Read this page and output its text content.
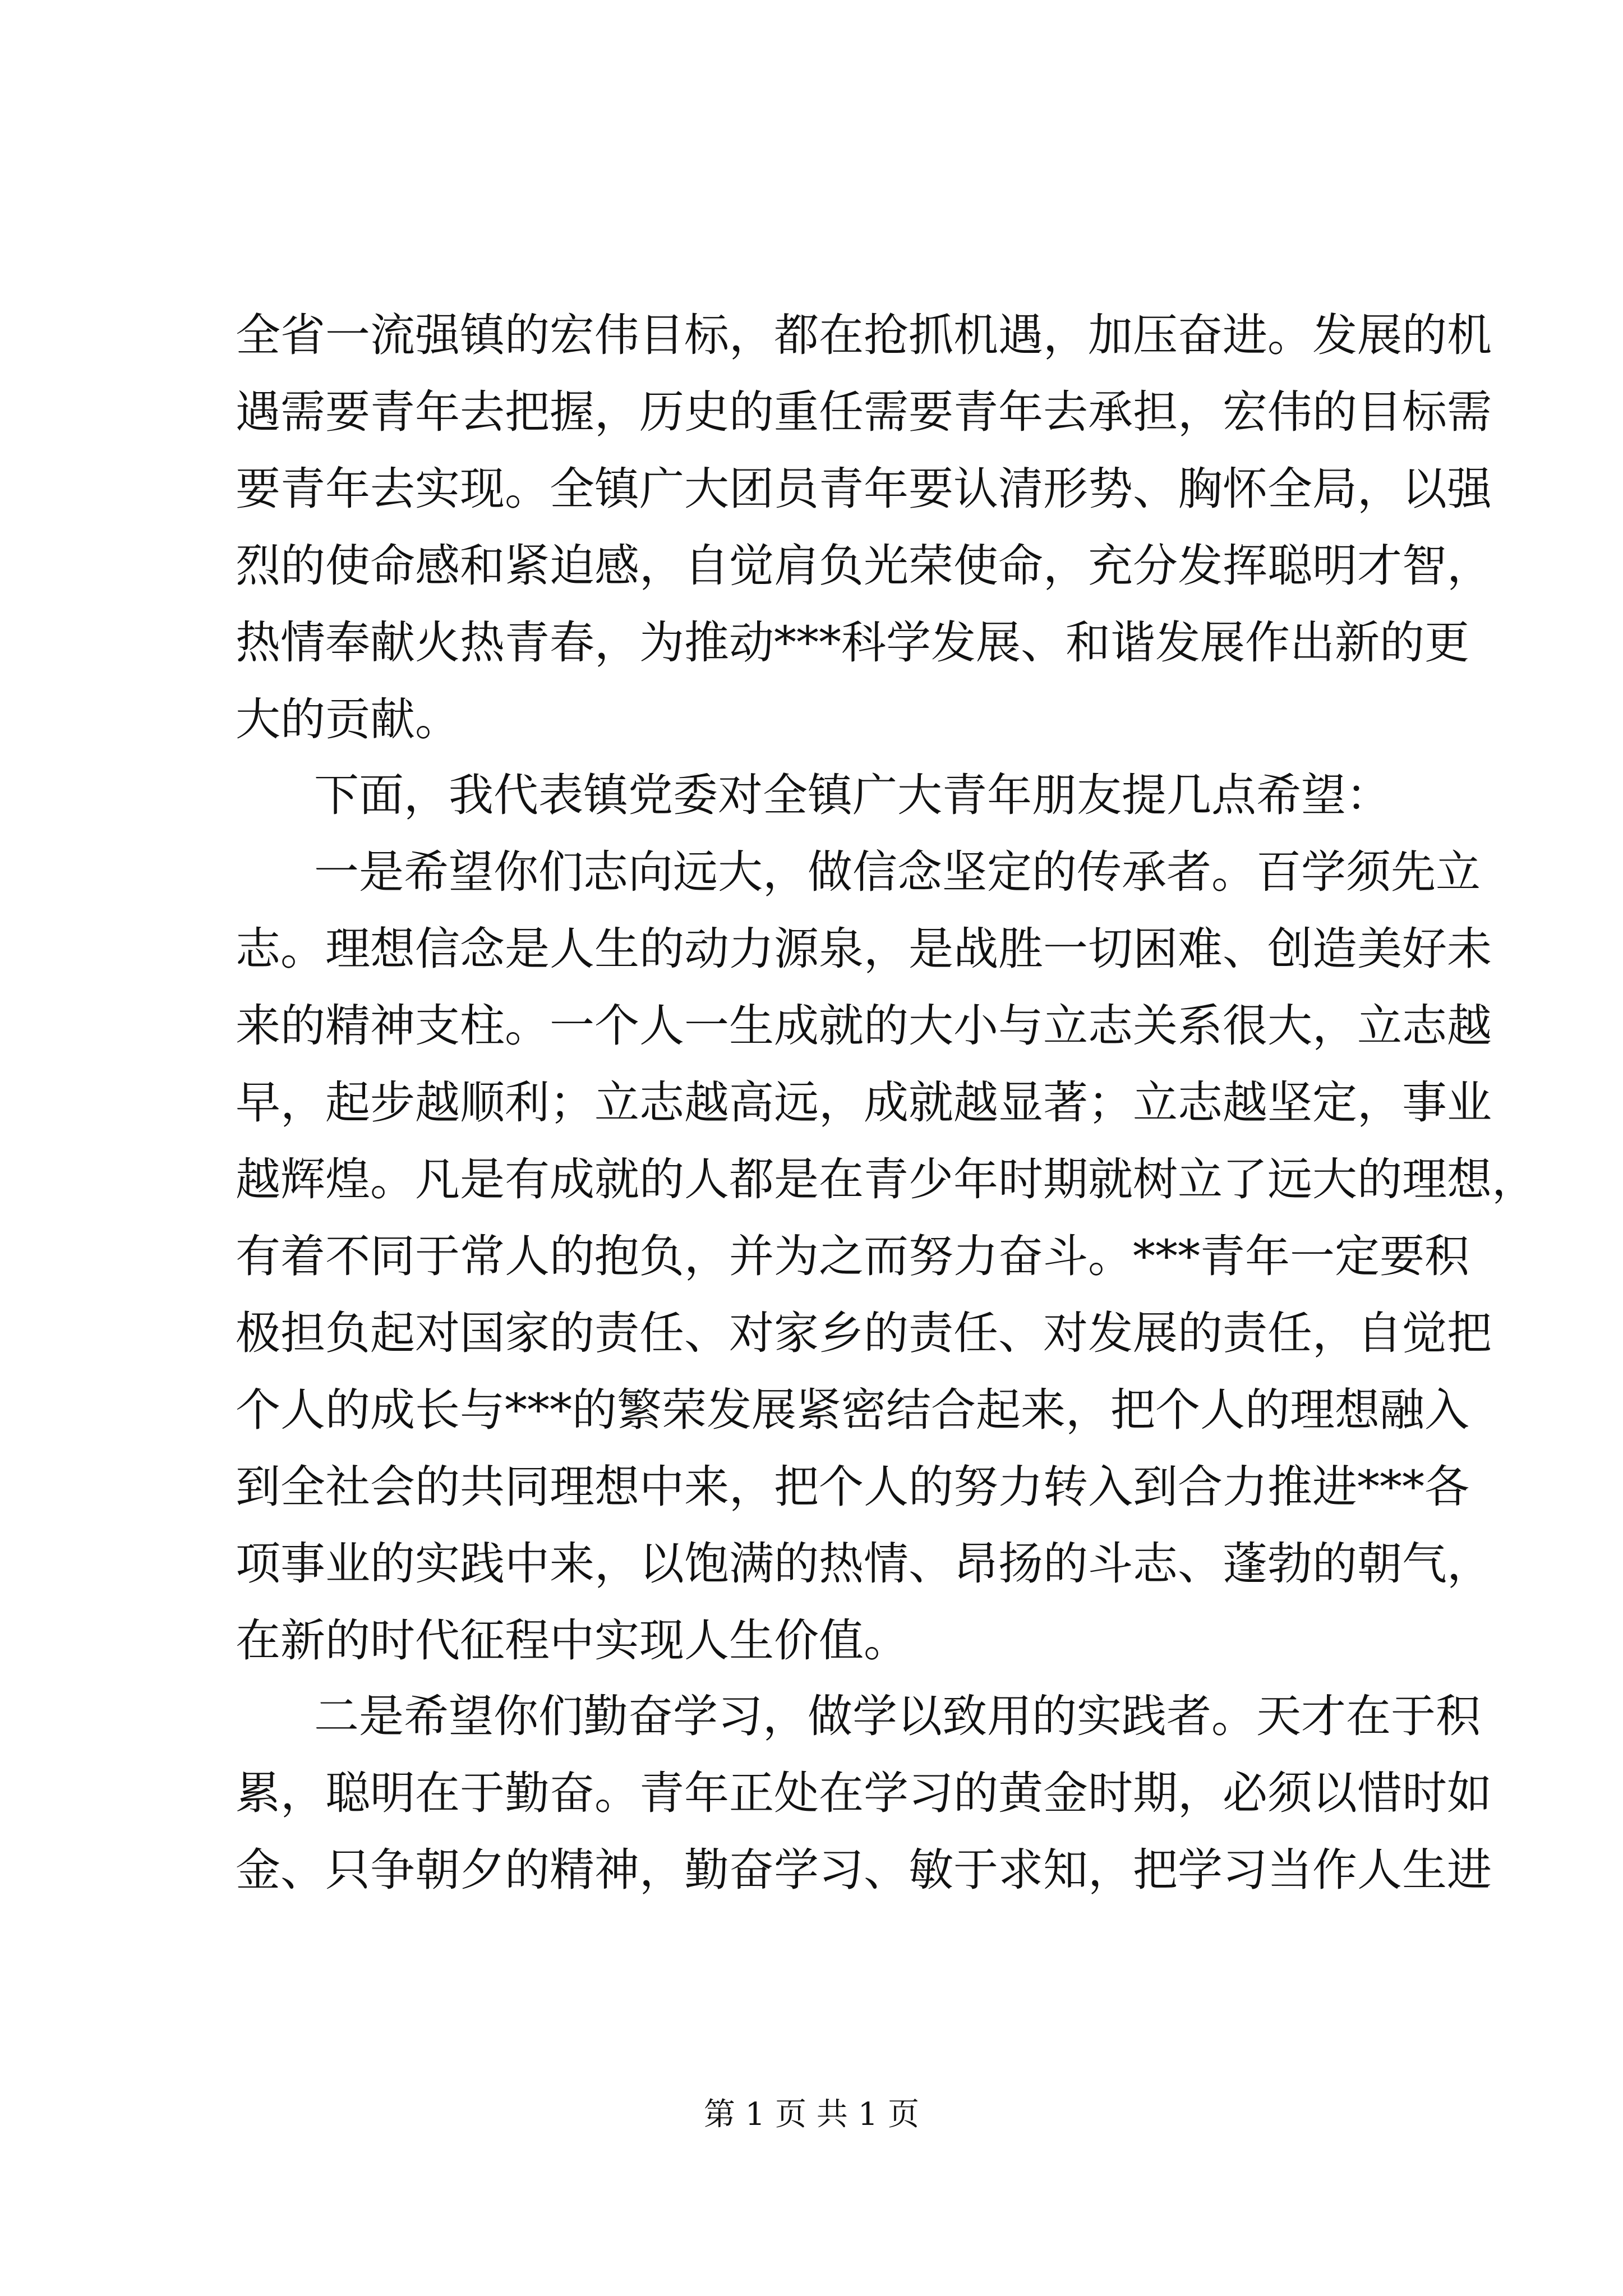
全省一流强镇的宏伟目标，都在抢抓机遇，加压奋进。发展的机
遇需要青年去把握，历史的重任需要青年去承担，宏伟的目标需
要青年去实现。全镇广大团员青年要认清形势、胸怀全局，以强
烈的使命感和紧迫感，自觉肩负光荣使命，充分发挥聪明才智，
热情奉献火热青春，为推动***科学发展、和谐发展作出新的更
大的贡献。
下面，我代表镇党委对全镇广大青年朋友提几点希望：
一是希望你们志向远大，做信念坚定的传承者。百学须先立
志。理想信念是人生的动力源泉，是战胜一切困难、创造美好未
来的精神支柱。一个人一生成就的大小与立志关系很大，立志越
早，起步越顺利；立志越高远，成就越显著；立志越坚定，事业
越辉煌。凡是有成就的人都是在青少年时期就树立了远大的理想，
有着不同于常人的抱负，并为之而努力奋斗。***青年一定要积
极担负起对国家的责任、对家乡的责任、对发展的责任，自觉把
个人的成长与***的繁荣发展紧密结合起来，把个人的理想融入
到全社会的共同理想中来，把个人的努力转入到合力推进***各
项事业的实践中来，以饱满的热情、昂扬的斗志、蓬勃的朝气，
在新的时代征程中实现人生价值。
二是希望你们勤奋学习，做学以致用的实践者。天才在于积
累，聪明在于勤奋。青年正处在学习的黄金时期，必须以惜时如
金、只争朝夕的精神，勤奋学习、敏于求知，把学习当作人生进
第 1 页 共 1 页
